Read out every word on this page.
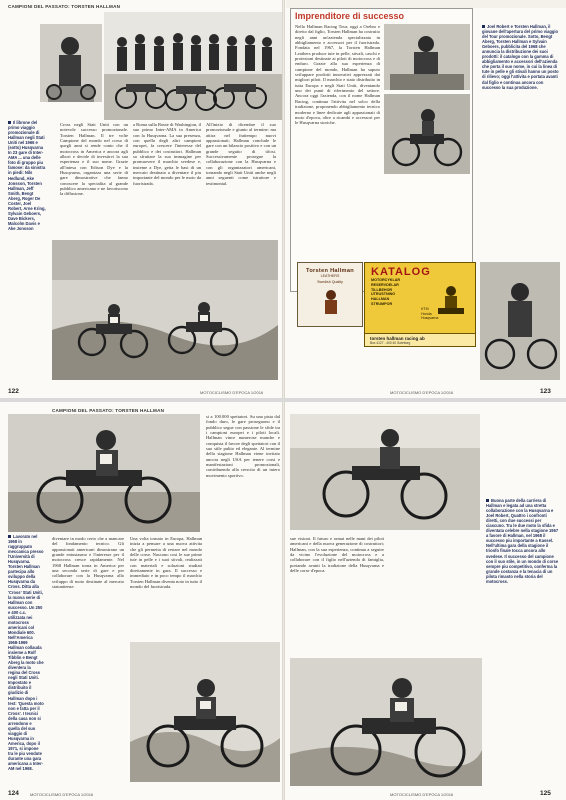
CAMPIONI DEL PASSATO: TORSTEN HALLMAN
Il librone del primo viaggio promozionale di Hallman negli Stati Uniti nel 1966 e (sotto) Husqvarna In 23 gare di Inter-AMA ... una delle foto di gruppo piu famose: da sinistra in piedi: Nils Hedlund, Ake Jonsson, Torsten Hallman, Jeff Smith, Bengt Aberg, Roger De Coster, Joel Robert, Arne Kring, Sylvain Geboers, Dave Bickers, Malcolm Davis e Ake Jonsson
Cross negli Stati Uniti con un notevole successo promozionale. Torsten Hallman. Il tre volte Campione del mondo nel corso di quegli anni si rende conto che il motocross in America e ancora agli albori e decide di investirvi la sua esperienza e il suo nome. Grazie all'intesa con Edison Dye e la Husqvarna, organizza una serie di gare dimostrative che fanno conoscere la specialita al grande pubblico americano e ne favoriscono la diffusione.
a Roma sulla Route di Washington, il suo primo Inter-AMA in America con la Husqvarna. La sua presenza, con quella degli altri campioni europei, fa crescere l'interesse del pubblico e dei costruttori. Hallman sa sfruttare la sua immagine per promuovere il marchio svedese e, insieme a Dye, getta le basi di un mercato destinato a diventare il piu importante del mondo per le moto da fuoristrada.
All'inizio di dicembre il suo promozionale e giunto al termine: ma attira nel frattempo nuovi appassionati; Hallman conclude le gare con un bilancio positivo e con un grande seguito di tifosi. Successivamente prosegue la collaborazione con la Husqvarna e con gli organizzatori americani, tornando negli Stati Uniti anche negli anni seguenti come istruttore e testimonial.
122	MOTOCICLISMO D'EPOCA 1/2016
Imprenditore di successo
Nello Hallman Racing Tour, oggi a Orebro e diretto dal figlio, Torsten Hallman ha costruito negli anni un'azienda specializzata in abbigliamento e accessori per il fuoristrada. Fondata nel 1967, la Torsten Hallman Leathers produce tute in pelle, stivali, caschi e protezioni destinate ai piloti di motocross e di enduro. Grazie alla sua esperienza di campione del mondo, Hallman ha saputo sviluppare prodotti innovativi apprezzati dai migliori piloti. Il marchio e stato distribuito in tutta Europa e negli Stati Uniti, diventando uno dei punti di riferimento del settore. Ancora oggi l'azienda, con il nome Hallman Racing, continua l'attivita nel solco della tradizione, proponendo abbigliamento tecnico moderno e linee dedicate agli appassionati di moto d'epoca, oltre a ricambi e accessori per le Husqvarna storiche.
Joel Robert e Torsten Hallman, il giovane dell'apertura del primo viaggio del Tour promozionale. Sotto, Bengt Aberg, Torsten Hallman e Sylvain Geboers, pubblicita del 1968 che annuncia la distribuzione dei suoi prodotti: il catalogo con la gamma di abbigliamento e accessori dell'azienda che porta il suo nome, in cui la linea di tute in pelle e gli stivali hanno un posto di rilievo; oggi l'attivita e portata avanti dal figlio e continua ancora con successo la sua produzione.
Torsten Hallman
LEATHERS
Swedish Quality
KATALOG
MOTORCYKLAR
RESERVDELAR
TILLBEHOR
UTRUSTNING
HALLMAN
STRUMPOR
KTM
Honda
Husqvarna
torsten hallman racing ab
Box 4127 - 400 40 Goteborg
MOTOCICLISMO D'EPOCA 1/2016	123
CAMPIONI DEL PASSATO: TORSTEN HALLMAN
si a 100.000 spettatori. Su una pista dal fondo duro, le gare proseguono e il pubblico segue con passione le sfide tra i campioni europei e i piloti locali. Hallman vince numerose manche e conquista il favore degli spettatori con il suo stile pulito ed elegante. Al termine della stagione Hallman viene invitato ancora negli USA per tenere corsi e manifestazioni promozionali, contribuendo alla crescita di un intero movimento sportivo.
Lavorato nel 1968 in raggruppato meccanica presso l'Università di Husqvarna. Torsten Hallman partecipa allo sviluppo della Husqvarna da Cross. Ditta alla 'Cross' Stati Uniti, la nuova serie di Hallman con successo. Un 250 e 400 c.c. utilizzata nei motocross americani col Mondiale 600. Nell'America 1968-1969 Hallman collauda insieme a Rolf Tibblin e Bengt Aberg la moto che diventera la regina del Cross negli Stati Uniti. Impostato e distribuito il giudizio di Hallman dopo i test: 'Questa moto non e fatta per il Cross'. I tecnici della casa non si arrendono e quella del suo viaggio di Husqvarna in America, dopo il 1971, si impone tra le piu vendute durante una gara americana a Inter-AM nel 1968.
diventare in modo certo che a mancare del fondamento tecnico. Gli appassionati americani dimostrano un grande entusiasmo e l'interesse per il motocross cresce rapidamente. Nel 1968 Hallman torna in America per una seconda serie di gare e per collaborare con la Husqvarna allo sviluppo di moto destinate al mercato statunitense.
Una volta tornato in Europa, Hallman inizia a pensare a una nuova attivita che gli permetta di restare nel mondo delle corse. Nascono cosi le sue prime tute in pelle e i suoi stivali, realizzati con materiali e soluzioni studiati direttamente in gara. Il successo e immediato e in poco tempo il marchio Torsten Hallman diventa noto in tutto il mondo del fuoristrada.
124	MOTOCICLISMO D'EPOCA 1/2016
Buona parte della carriera di Hallman e legata ad una stretta collaborazione con la Husqvarna e Joel Robert, Quattro i confronti diretti, con due successi per ciascuno. Tra le due moto la sfida e diventata celebre nella stagione 1967 a favore di Hallman, nel 1968 il successo piu importante a Kassel. Nell'ultima gara della stagione il trionfo finale tocca ancora allo svedese. Il successo del campione con il suo stile, in un mondo di corse sempre piu competitivo, conferma la grande costanza e la tenacia di un pilota rimasto nella storia del motocross.
sue visioni. Il futuro e ormai nelle mani dei piloti americani e della nuova generazione di costruttori; Hallman, con la sua esperienza, continua a seguire da vicino l'evoluzione del motocross e a collaborare con il figlio nell'azienda di famiglia, portando avanti la tradizione della Husqvarna e delle corse d'epoca.
MOTOCICLISMO D'EPOCA 1/2016	125
